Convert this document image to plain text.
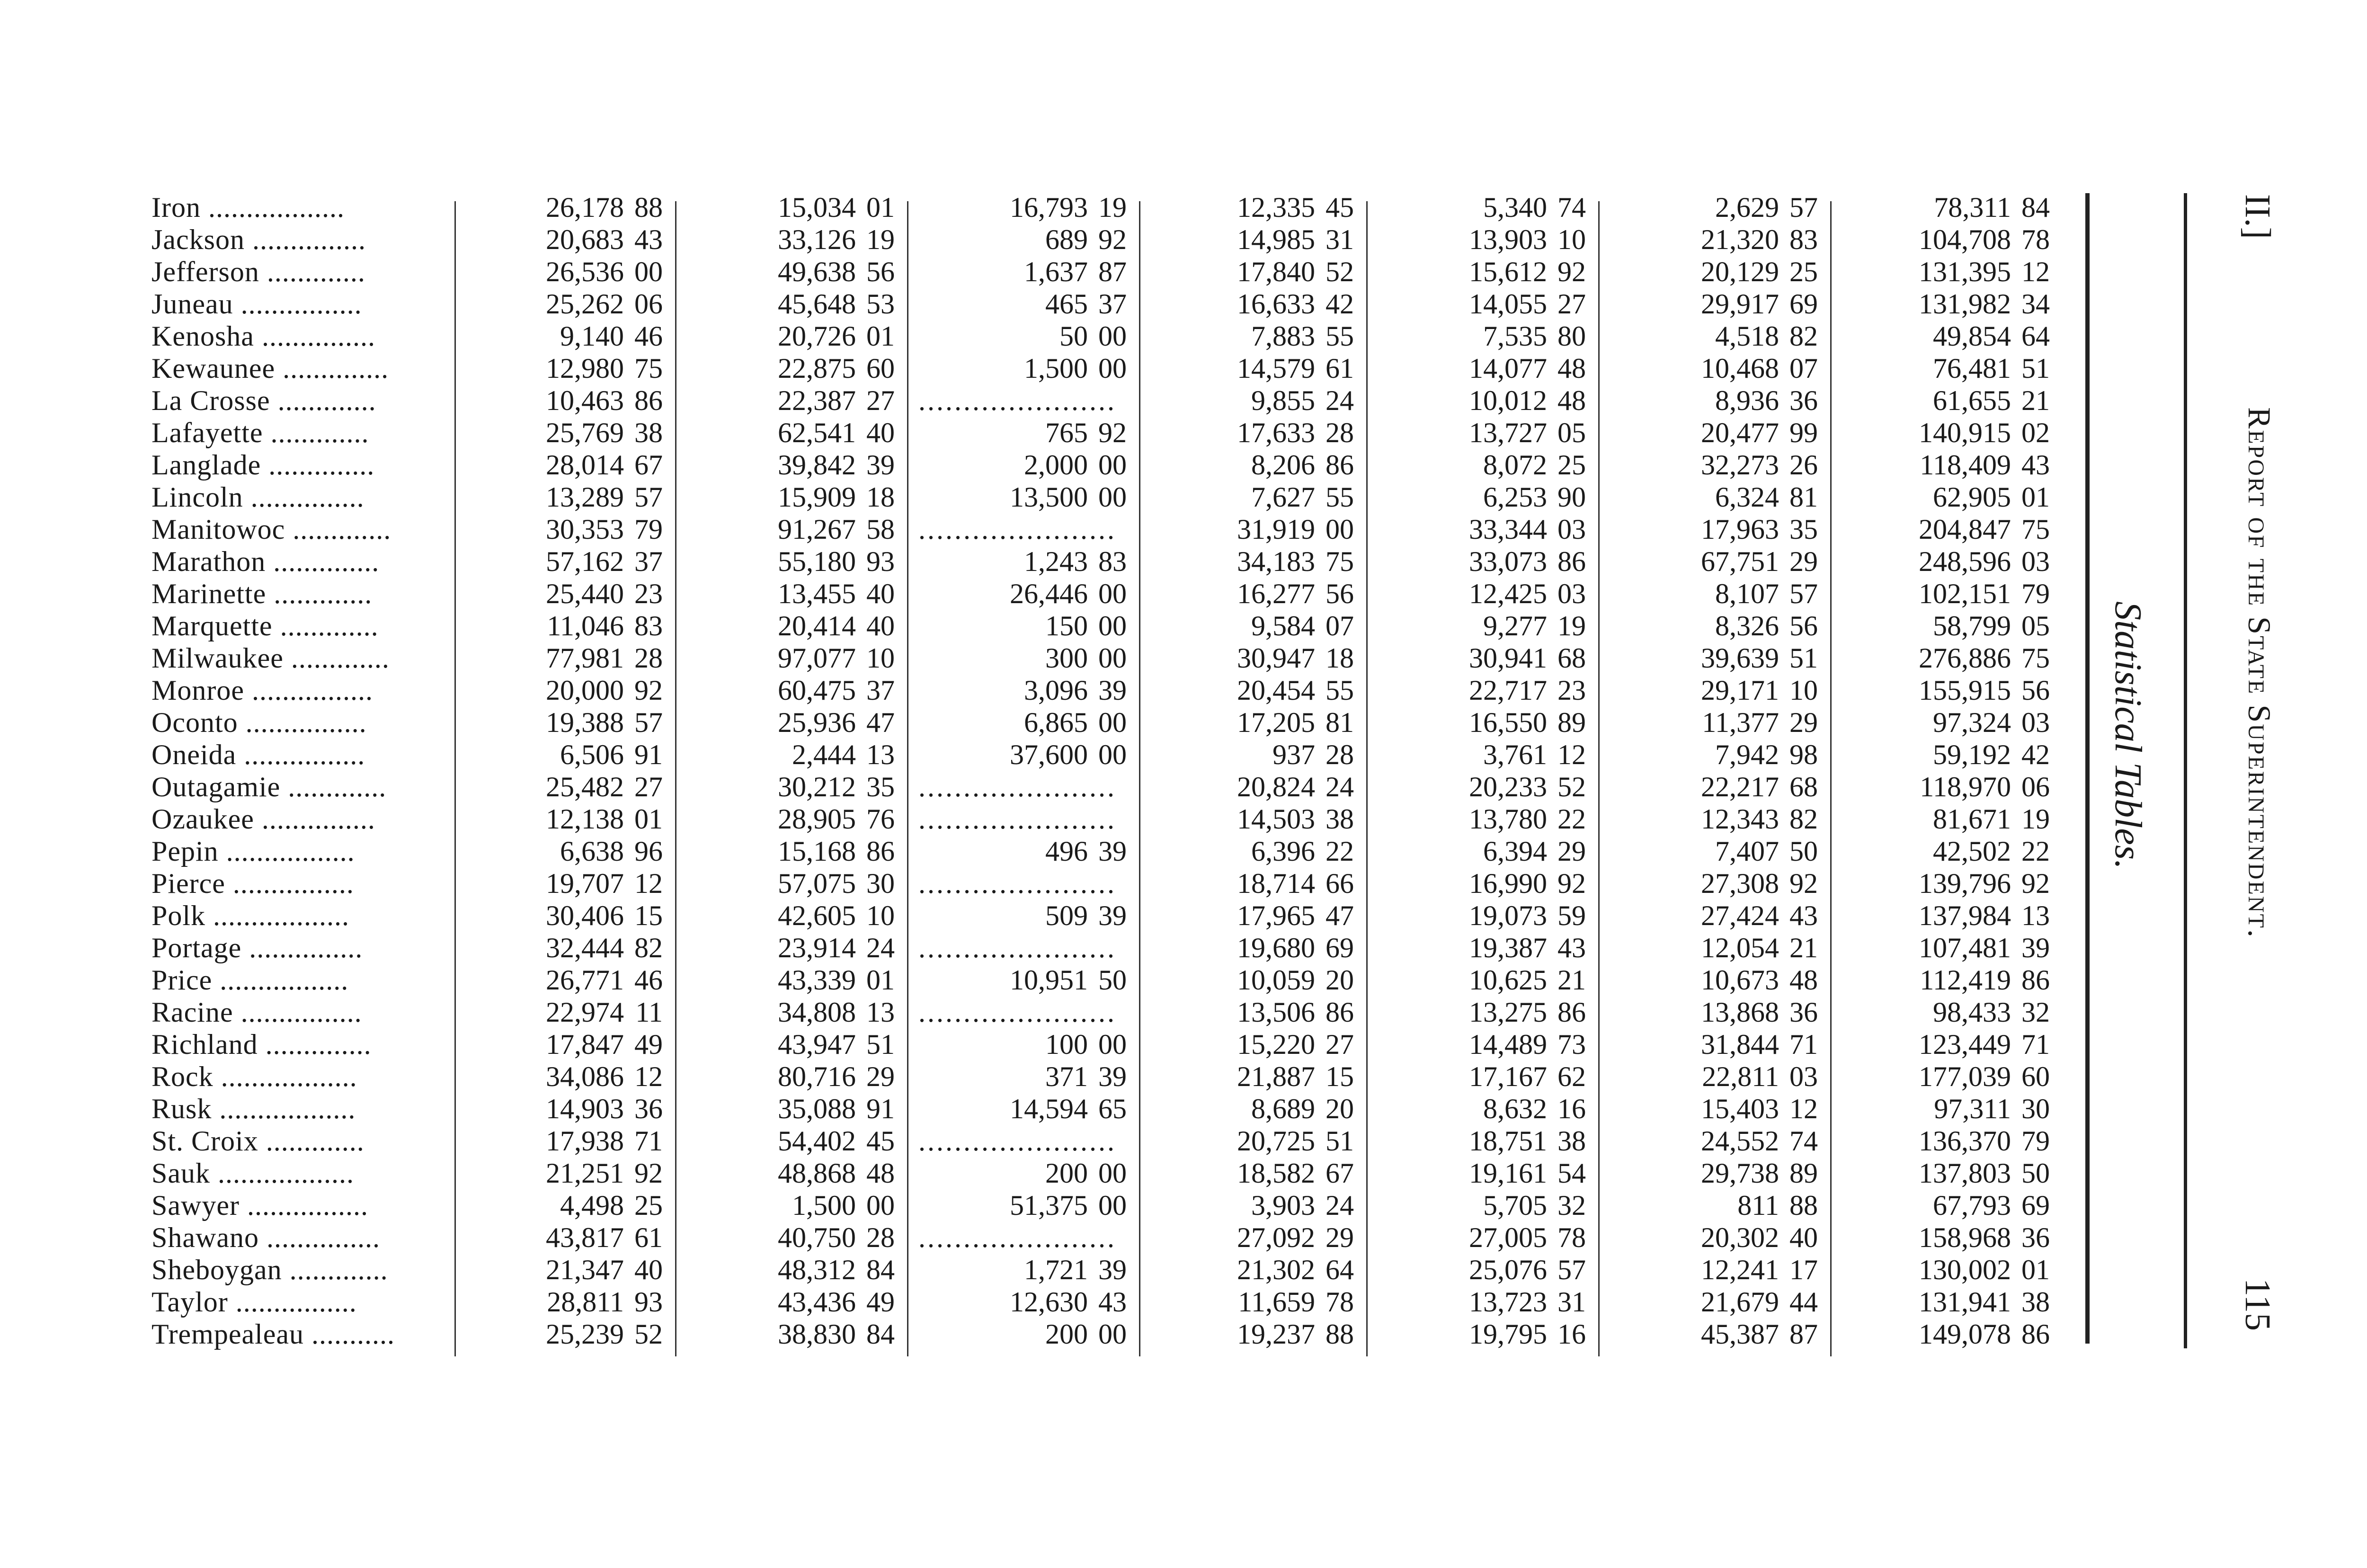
Iron ..................	26,178 88	15,034 01	16,793 19	12,335 45	5,340 74	2,629 57	78,311 84
Jackson ...............	20,683 43	33,126 19	689 92	14,985 31	13,903 10	21,320 83	104,708 78
Jefferson .............	26,536 00	49,638 56	1,637 87	17,840 52	15,612 92	20,129 25	131,395 12
Juneau ................	25,262 06	45,648 53	465 37	16,633 42	14,055 27	29,917 69	131,982 34
Kenosha ...............	9,140 46	20,726 01	50 00	7,883 55	7,535 80	4,518 82	49,854 64
Kewaunee ..............	12,980 75	22,875 60	1,500 00	14,579 61	14,077 48	10,468 07	76,481 51
La Crosse .............	10,463 86	22,387 27 ......................	9,855 24	10,012 48	8,936 36	61,655 21
Lafayette .............	25,769 38	62,541 40	765 92	17,633 28	13,727 05	20,477 99	140,915 02
Langlade ..............	28,014 67	39,842 39	2,000 00	8,206 86	8,072 25	32,273 26	118,409 43
Lincoln ...............	13,289 57	15,909 18	13,500 00	7,627 55	6,253 90	6,324 81	62,905 01
Manitowoc .............	30,353 79	91,267 58 ......................	31,919 00	33,344 03	17,963 35	204,847 75
Marathon ..............	57,162 37	55,180 93	1,243 83	34,183 75	33,073 86	67,751 29	248,596 03
Marinette .............	25,440 23	13,455 40	26,446 00	16,277 56	12,425 03	8,107 57	102,151 79
Marquette .............	11,046 83	20,414 40	150 00	9,584 07	9,277 19	8,326 56	58,799 05
Milwaukee .............	77,981 28	97,077 10	300 00	30,947 18	30,941 68	39,639 51	276,886 75
Monroe ................	20,000 92	60,475 37	3,096 39	20,454 55	22,717 23	29,171 10	155,915 56
Oconto ................	19,388 57	25,936 47	6,865 00	17,205 81	16,550 89	11,377 29	97,324 03
Oneida ................	6,506 91	2,444 13	37,600 00	937 28	3,761 12	7,942 98	59,192 42
Outagamie .............	25,482 27	30,212 35 ......................	20,824 24	20,233 52	22,217 68	118,970 06
Ozaukee ...............	12,138 01	28,905 76 ......................	14,503 38	13,780 22	12,343 82	81,671 19
Pepin .................	6,638 96	15,168 86	496 39	6,396 22	6,394 29	7,407 50	42,502 22
Pierce ................	19,707 12	57,075 30 ......................	18,714 66	16,990 92	27,308 92	139,796 92
Polk ..................	30,406 15	42,605 10	509 39	17,965 47	19,073 59	27,424 43	137,984 13
Portage ...............	32,444 82	23,914 24 ......................	19,680 69	19,387 43	12,054 21	107,481 39
Price .................	26,771 46	43,339 01	10,951 50	10,059 20	10,625 21	10,673 48	112,419 86
Racine ................	22,974 11	34,808 13 ......................	13,506 86	13,275 86	13,868 36	98,433 32
Richland ..............	17,847 49	43,947 51	100 00	15,220 27	14,489 73	31,844 71	123,449 71
Rock ..................	34,086 12	80,716 29	371 39	21,887 15	17,167 62	22,811 03	177,039 60
Rusk ..................	14,903 36	35,088 91	14,594 65	8,689 20	8,632 16	15,403 12	97,311 30
St. Croix .............	17,938 71	54,402 45 ......................	20,725 51	18,751 38	24,552 74	136,370 79
Sauk ..................	21,251 92	48,868 48	200 00	18,582 67	19,161 54	29,738 89	137,803 50
Sawyer ................	4,498 25	1,500 00	51,375 00	3,903 24	5,705 32	811 88	67,793 69
Shawano ...............	43,817 61	40,750 28 ......................	27,092 29	27,005 78	20,302 40	158,968 36
Sheboygan .............	21,347 40	48,312 84	1,721 39	21,302 64	25,076 57	12,241 17	130,002 01
Taylor ................	28,811 93	43,436 49	12,630 43	11,659 78	13,723 31	21,679 44	131,941 38
Trempealeau ...........	25,239 52	38,830 84	200 00	19,237 88	19,795 16	45,387 87	149,078 86
Statistical Tables.	Report of the State Superintendent.
II.]
115
